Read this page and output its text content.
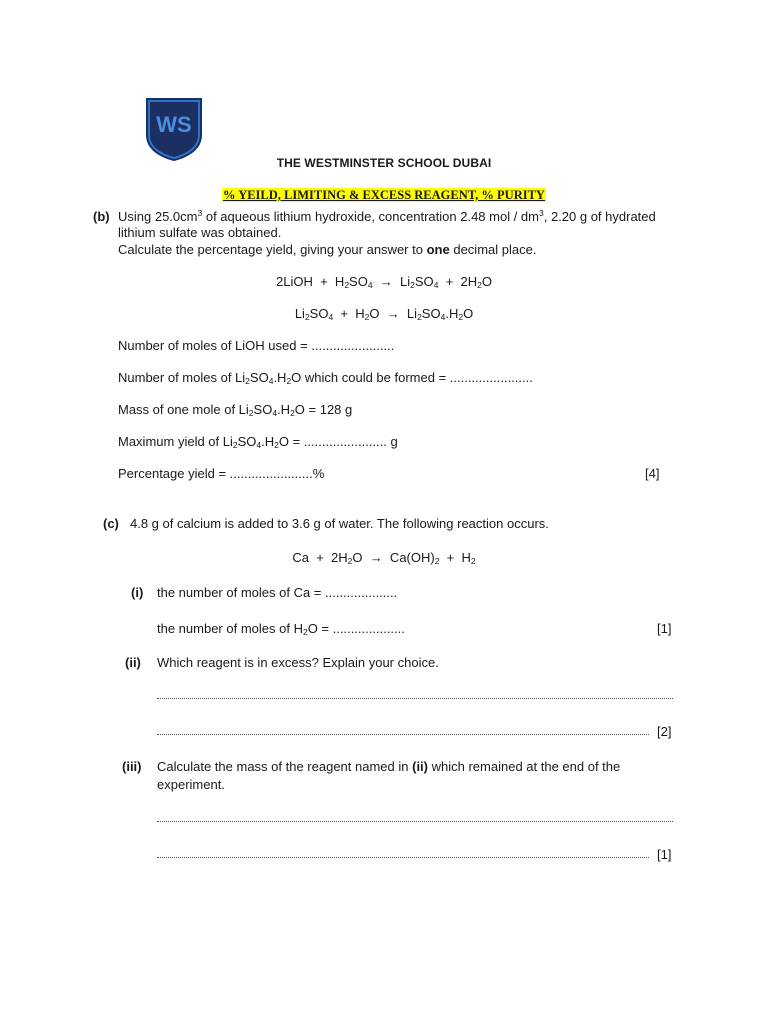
WS
THE WESTMINSTER SCHOOL DUBAI
% YEILD, LIMITING & EXCESS REAGENT, % PURITY
(b) Using $25.0cm^3$ of aqueous lithium hydroxide, concentration 2.48 mol / $dm^3$, 2.20 g of hydrated
lithium sulfate was obtained.
Calculate the percentage yield, giving your answer to one decimal place.
2LiOH  +  $H_2SO_4 \to Li_2SO_4 + 2H_2O$
$Li_2SO_4 + H_2O \to Li_2SO_4.H_2O$
Number of moles of LiOH used = .......................
Number of moles of $Li_2SO_4.H_2O$ which could be formed = .......................
Mass of one mole of $Li_2SO_4.H_2O = 128$ g
Maximum yield of $Li_2SO_4.H_2O$ = ....................... g
Percentage yield = .......................%	[4]
(c) 4.8 g of calcium is added to 3.6 g of water. The following reaction occurs.
$Ca + 2H_2O \to Ca(OH)_2 + H_2$
(i) the number of moles of Ca = ....................
the number of moles of $H_2O$ = ....................	[1]
(ii) Which reagent is in excess? Explain your choice.
[2]
(iii) Calculate the mass of the reagent named in (ii) which remained at the end of the
experiment.
[1]
